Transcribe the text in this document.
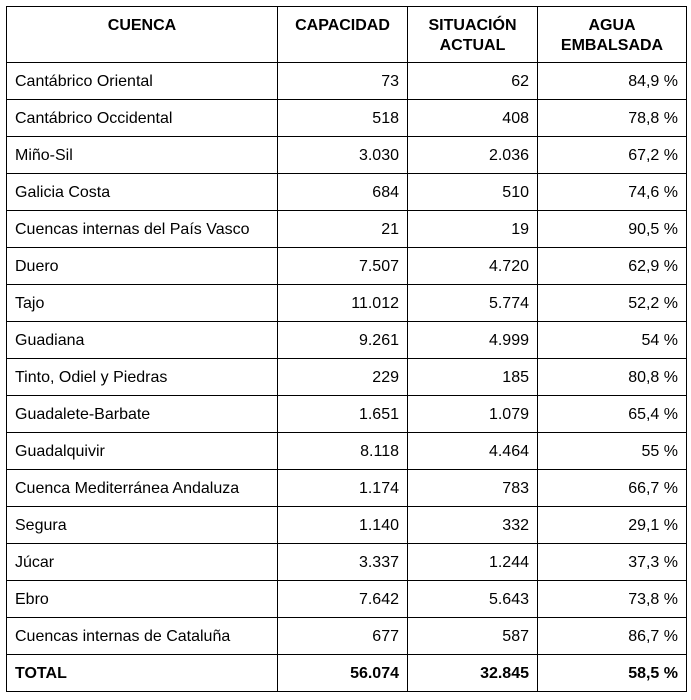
CUENCA	CAPACIDAD	SITUACIÓN ACTUAL	AGUA EMBALSADA
Cantábrico Oriental	73	62	84,9 %
Cantábrico Occidental	518	408	78,8 %
Miño-Sil	3.030	2.036	67,2 %
Galicia Costa	684	510	74,6 %
Cuencas internas del País Vasco	21	19	90,5 %
Duero	7.507	4.720	62,9 %
Tajo	11.012	5.774	52,2 %
Guadiana	9.261	4.999	54 %
Tinto, Odiel y Piedras	229	185	80,8 %
Guadalete-Barbate	1.651	1.079	65,4 %
Guadalquivir	8.118	4.464	55 %
Cuenca Mediterránea Andaluza	1.174	783	66,7 %
Segura	1.140	332	29,1 %
Júcar	3.337	1.244	37,3 %
Ebro	7.642	5.643	73,8 %
Cuencas internas de Cataluña	677	587	86,7 %
TOTAL	56.074	32.845	58,5 %
